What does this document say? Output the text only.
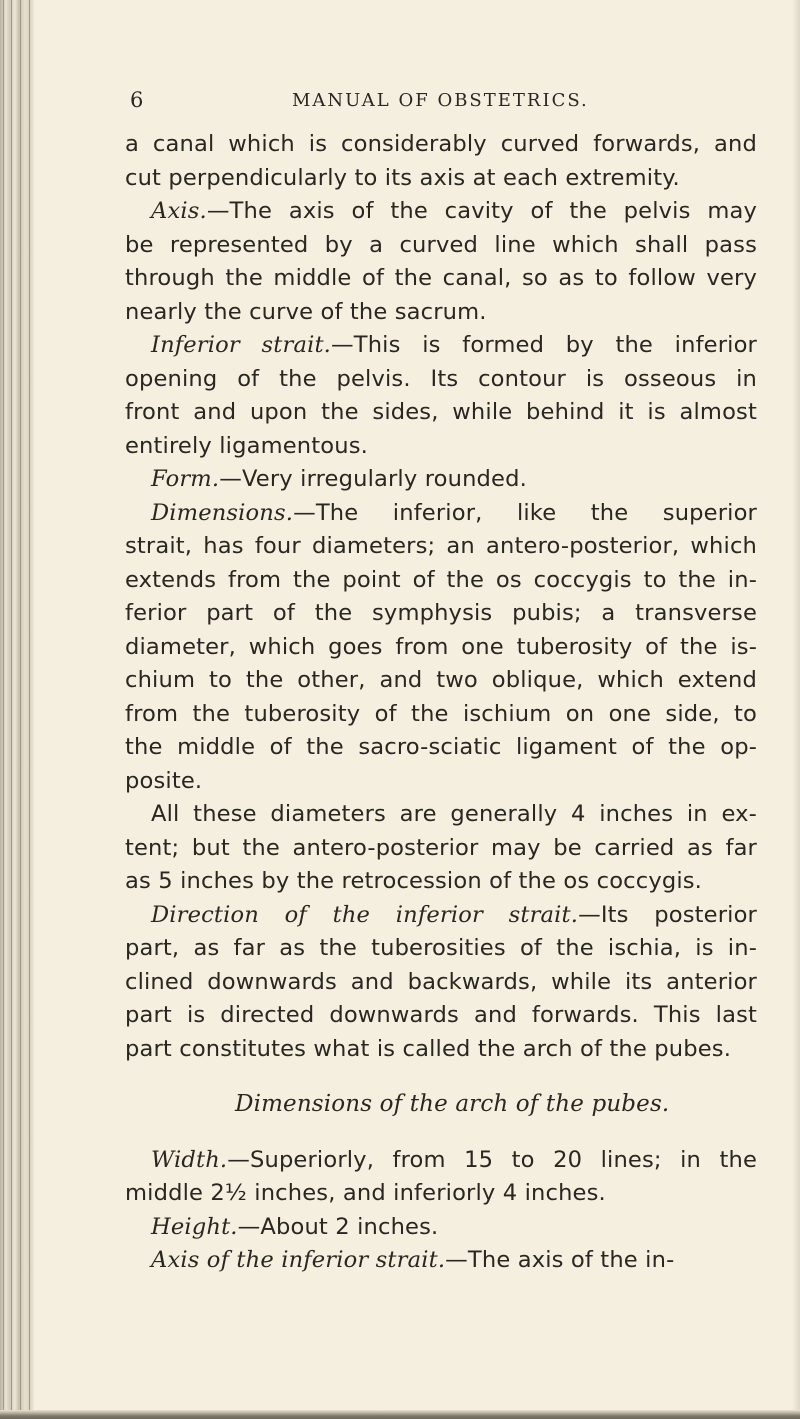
6	MANUAL OF OBSTETRICS.
a canal which is considerably curved forwards, and
cut perpendicularly to its axis at each extremity.
Axis.—The axis of the cavity of the pelvis may
be represented by a curved line which shall pass
through the middle of the canal, so as to follow very
nearly the curve of the sacrum.
Inferior strait.—This is formed by the inferior
opening of the pelvis. Its contour is osseous in
front and upon the sides, while behind it is almost
entirely ligamentous.
Form.—Very irregularly rounded.
Dimensions.—The inferior, like the superior
strait, has four diameters; an antero-posterior, which
extends from the point of the os coccygis to the in-
ferior part of the symphysis pubis; a transverse
diameter, which goes from one tuberosity of the is-
chium to the other, and two oblique, which extend
from the tuberosity of the ischium on one side, to
the middle of the sacro-sciatic ligament of the op-
posite.
All these diameters are generally 4 inches in ex-
tent; but the antero-posterior may be carried as far
as 5 inches by the retrocession of the os coccygis.
Direction of the inferior strait.—Its posterior
part, as far as the tuberosities of the ischia, is in-
clined downwards and backwards, while its anterior
part is directed downwards and forwards. This last
part constitutes what is called the arch of the pubes.
Dimensions of the arch of the pubes.
Width.—Superiorly, from 15 to 20 lines; in the
middle 2½ inches, and inferiorly 4 inches.
Height.—About 2 inches.
Axis of the inferior strait.—The axis of the in-
